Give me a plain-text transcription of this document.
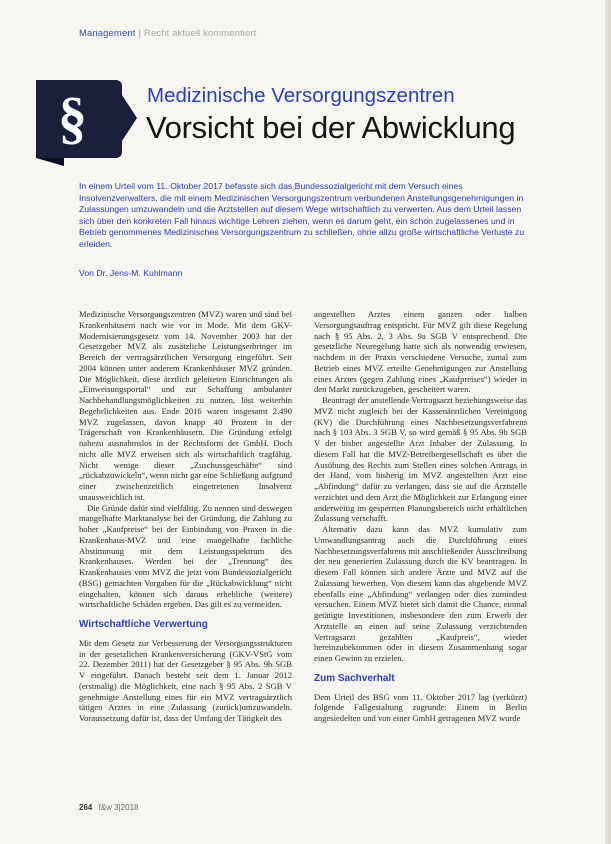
Management | Recht aktuell kommentiert
§	Medizinische Versorgungszentren
Vorsicht bei der Abwicklung
In einem Urteil vom 11. Oktober 2017 befasste sich das Bundessozialgericht mit dem Versuch eines Insolvenzverwalters, die mit einem Medizinischen Versorgungszentrum verbundenen Anstellungsgenehmigungen in Zulassungen umzuwandeln und die Arztstellen auf diesem Wege wirtschaftlich zu verwerten. Aus dem Urteil lassen sich über den konkreten Fall hinaus wichtige Lehren ziehen, wenn es darum geht, ein schon zugelassenes und in Betrieb genommenes Medizinisches Versorgungszentrum zu schließen, ohne allzu große wirtschaftliche Verluste zu erleiden.
Von Dr. Jens-M. Kuhlmann

Medizinische Versorgungszentren (MVZ) waren und sind bei Krankenhäusern nach wie vor in Mode. Mit dem GKV-Modernisierungsgesetz vom 14. November 2003 hat der Gesetzgeber MVZ als zusätzliche Leistungserbringer im Bereich der vertragsärztlichen Versorgung eingeführt. Seit 2004 können unter anderem Krankenhäuser MVZ gründen. Die Möglichkeit, diese ärztlich geleiteten Einrichtungen als „Einweisungsportal“ und zur Schaffung ambulanter Nachbehandlungsmöglichkeiten zu nutzen, löst weiterhin Begehrlichkeiten aus. Ende 2016 waren insgesamt 2.490 MVZ zugelassen, davon knapp 40 Prozent in der Trägerschaft von Krankenhäusern. Die Gründung erfolgt nahezu ausnahmslos in der Rechtsform der GmbH. Doch nicht alle MVZ erweisen sich als wirtschaftlich tragfähig. Nicht wenige dieser „Zuschussgeschäfte“ sind „rückabzuwickeln“, wenn nicht gar eine Schließung aufgrund einer zwischenzeitlich eingetretenen Insolvenz unausweichlich ist.

Die Gründe dafür sind vielfältig. Zu nennen sind deswegen mangelhafte Marktanalyse bei der Gründung, die Zahlung zu hoher „Kaufpreise“ bei der Einbindung von Praxen in die Krankenhaus-MVZ und eine mangelhafte fachliche Abstimmung mit dem Leistungsspektrum des Krankenhauses. Werden bei der „Trennung“ des Krankenhauses vom MVZ die jetzt vom Bundessozialgericht (BSG) gemachten Vorgaben für die „Rückabwicklung“ nicht eingehalten, können sich daraus erhebliche (weitere) wirtschaftliche Schäden ergeben. Das gilt es zu vermeiden.

Wirtschaftliche Verwertung

Mit dem Gesetz zur Verbesserung der Versorgungsstrukturen in der gesetzlichen Krankenversicherung (GKV-VStG vom 22. Dezember 2011) hat der Gesetzgeber § 95 Abs. 9b SGB V eingeführt. Danach besteht seit dem 1. Januar 2012 (erstmalig) die Möglichkeit, eine nach § 95 Abs. 2 SGB V genehmigte Anstellung eines für ein MVZ vertragsärztlich tätigen Arztes in eine Zulassung (zurück)umzuwandeln. Voraussetzung dafür ist, dass der Umfang der Tätigkeit des

angestellten Arztes einem ganzen oder halben Versorgungsauftrag entspricht. Für MVZ gilt diese Regelung nach § 95 Abs. 2, 3 Abs. 9a SGB V entsprechend. Die gesetzliche Neuregelung hatte sich als notwendig erwiesen, nachdem in der Praxis verschiedene Versuche, zumal zum Betrieb eines MVZ erteilte Genehmigungen zur Anstellung eines Arztes (gegen Zahlung eines „Kaufpreises“) wieder in den Markt zurückzugeben, gescheitert waren.

Beantragt der anstellende Vertragsarzt beziehungsweise das MVZ nicht zugleich bei der Kassenärztlichen Vereinigung (KV) die Durchführung eines Nachbesetzungsverfahrens nach § 103 Abs. 3 SGB V, so wird gemäß § 95 Abs. 9b SGB V der bisher angestellte Arzt Inhaber der Zulassung. In diesem Fall hat die MVZ-Betreibergesellschaft es über die Ausübung des Rechts zum Stellen eines solchen Antrags in der Hand, vom bisherig im MVZ angestellten Arzt eine „Abfindung“ dafür zu verlangen, dass sie auf die Arztstelle verzichtet und dem Arzt die Möglichkeit zur Erlangung einer anderweitig im gesperrten Planungsbereich nicht erhältlichen Zulassung verschafft.

Alternativ dazu kann das MVZ kumulativ zum Umwandlungsantrag auch die Durchführung eines Nachbesetzungsverfahrens mit anschließender Ausschreibung der neu generierten Zulassung durch die KV beantragen. In diesem Fall können sich andere Ärzte und MVZ auf die Zulassung bewerben. Von diesem kann das abgebende MVZ ebenfalls eine „Abfindung“ verlangen oder dies zumindest versuchen. Einem MVZ bietet sich damit die Chance, einmal getätigte Investitionen, insbesondere den zum Erwerb der Arztstelle an einen auf seine Zulassung verzichtenden Vertragsarzt gezahlten „Kaufpreis“, wieder hereinzubekommen oder in diesem Zusammenhang sogar einen Gewinn zu erzielen.

Zum Sachverhalt

Dem Urteil des BSG vom 11. Oktober 2017 lag (verkürzt) folgende Fallgestaltung zugrunde: Einem in Berlin angesiedelten und von einer GmbH getragenen MVZ wurde

264 f&w 3|2018
